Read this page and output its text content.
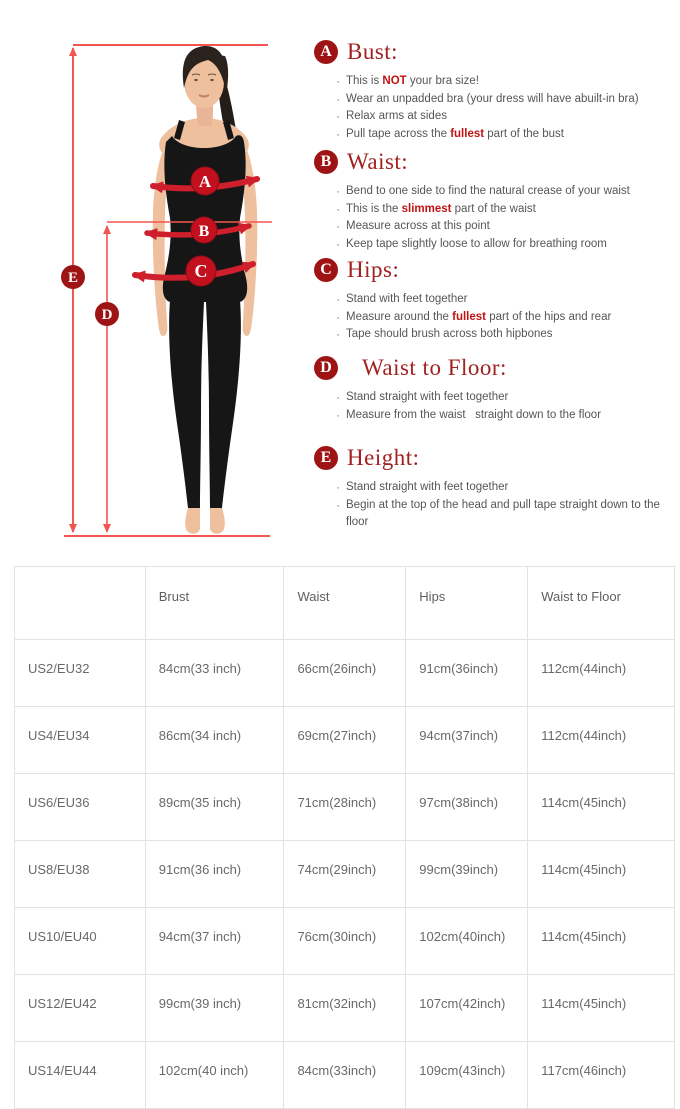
A
B
C
D
E
A Bust:
· This is NOT your bra size!
· Wear an unpadded bra (your dress will have abuilt-in bra)
· Relax arms at sides
· Pull tape across the fullest part of the bust
B Waist:
· Bend to one side to find the natural crease of your waist
· This is the slimmest part of the waist
· Measure across at this point
· Keep tape slightly loose to allow for breathing room
C Hips:
· Stand with feet together
· Measure around the fullest part of the hips and rear
· Tape should brush across both hipbones
D Waist to Floor:
· Stand straight with feet together
· Measure from the waist   straight down to the floor
E Height:
· Stand straight with feet together
· Begin at the top of the head and pull tape straight down to the floor
	Brust	Waist	Hips	Waist to Floor
US2/EU32	84cm(33 inch)	66cm(26inch)	91cm(36inch)	112cm(44inch)
US4/EU34	86cm(34 inch)	69cm(27inch)	94cm(37inch)	112cm(44inch)
US6/EU36	89cm(35 inch)	71cm(28inch)	97cm(38inch)	114cm(45inch)
US8/EU38	91cm(36 inch)	74cm(29inch)	99cm(39inch)	114cm(45inch)
US10/EU40	94cm(37 inch)	76cm(30inch)	102cm(40inch)	114cm(45inch)
US12/EU42	99cm(39 inch)	81cm(32inch)	107cm(42inch)	114cm(45inch)
US14/EU44	102cm(40 inch)	84cm(33inch)	109cm(43inch)	117cm(46inch)
